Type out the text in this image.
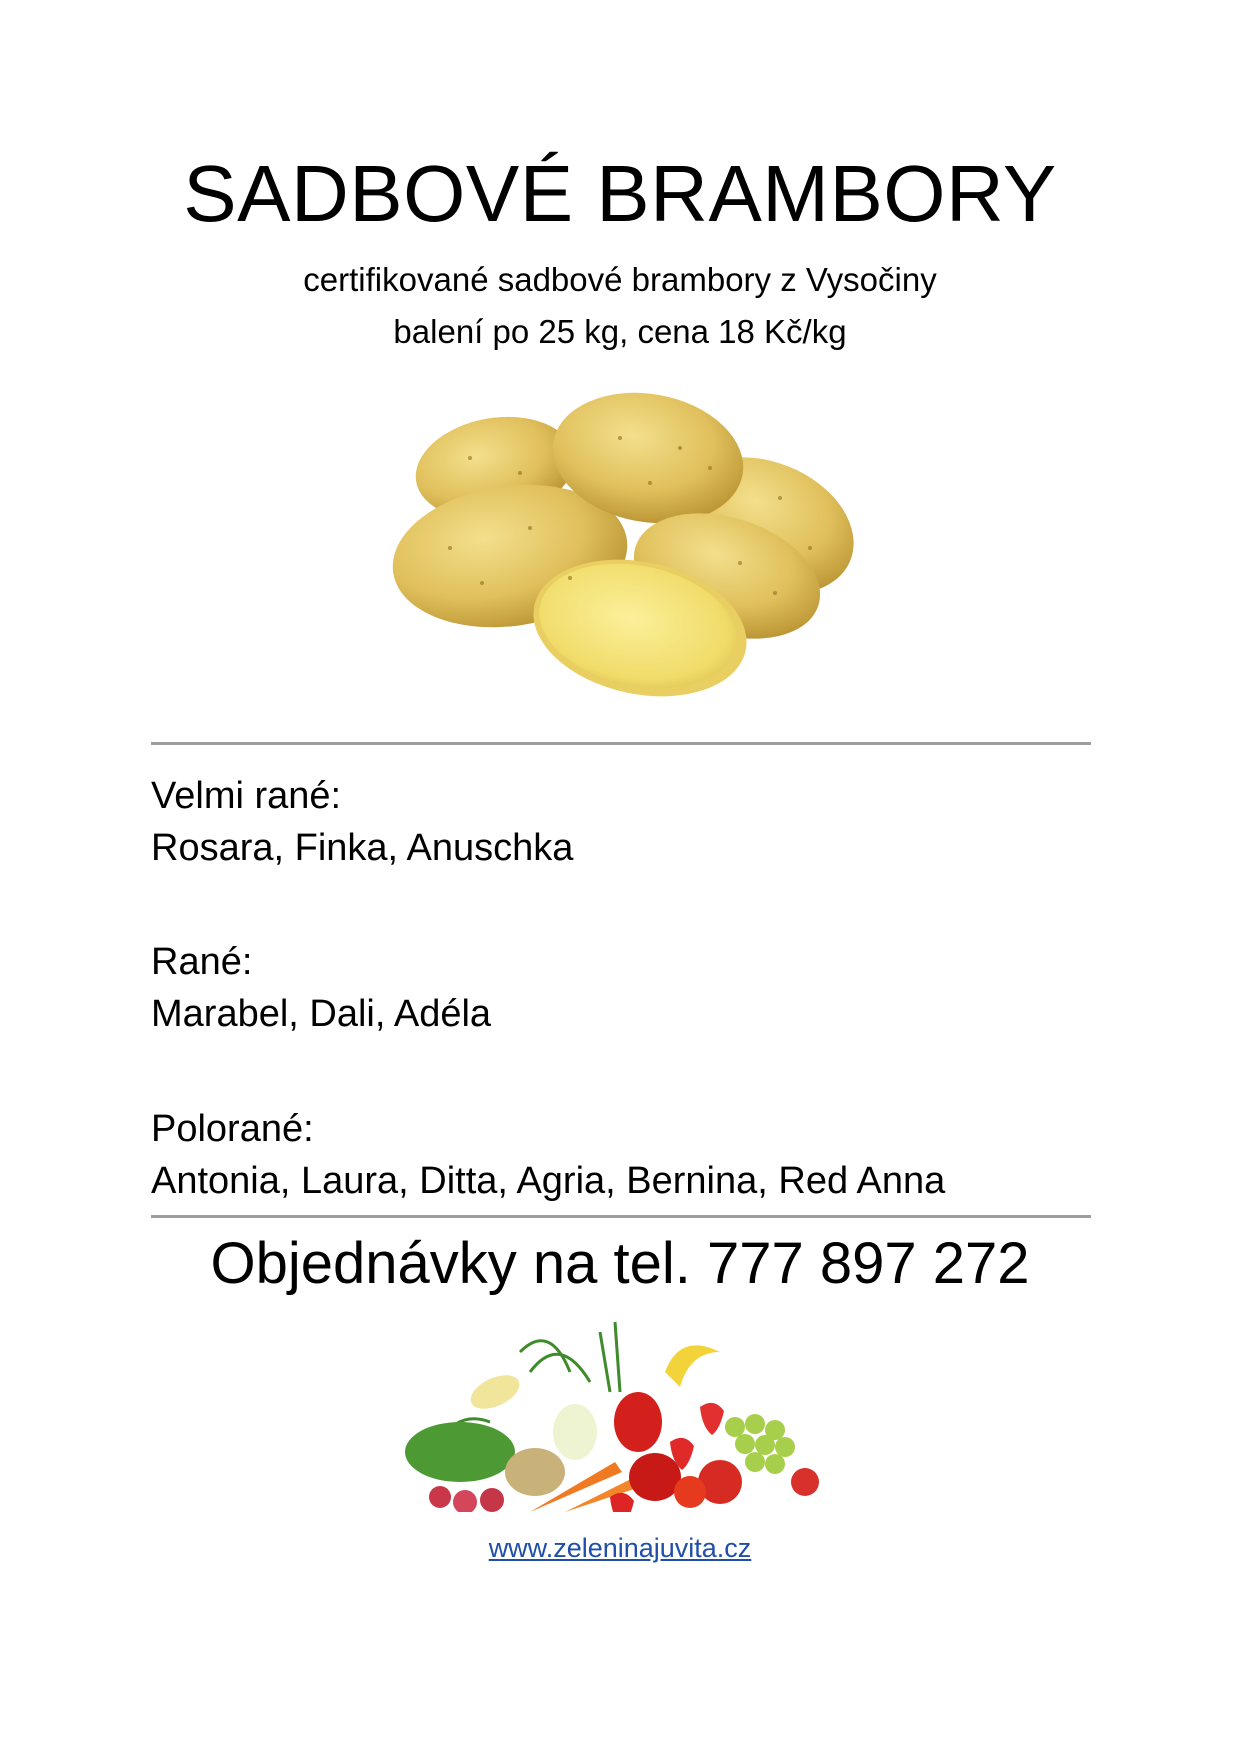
SADBOVÉ BRAMBORY
certifikované sadbové brambory z Vysočiny
balení po 25 kg, cena 18 Kč/kg
Velmi rané:
Rosara, Finka, Anuschka
Rané:
Marabel, Dali, Adéla
Polorané:
Antonia, Laura, Ditta, Agria, Bernina, Red Anna
Objednávky na tel. 777 897 272
www.zeleninajuvita.cz
